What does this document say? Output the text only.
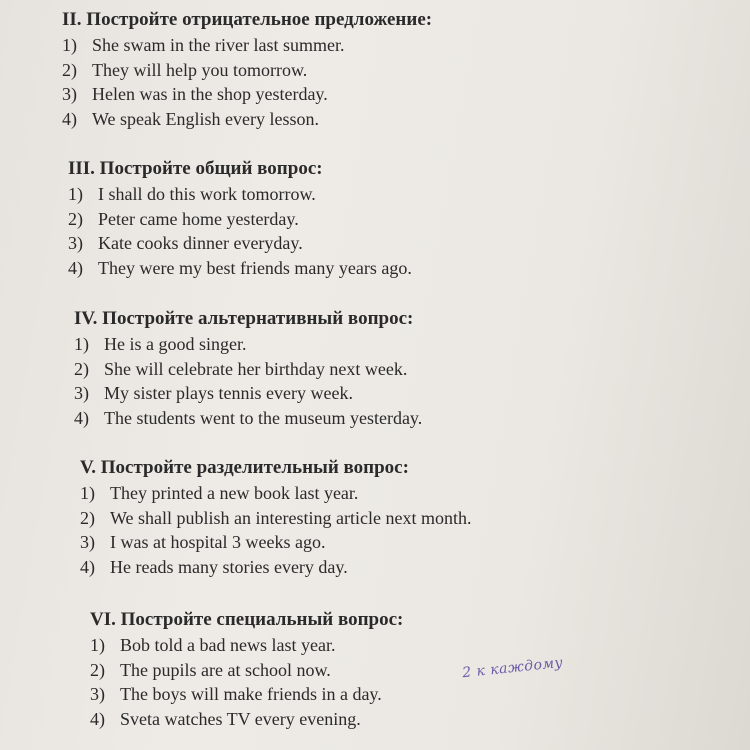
II. Постройте отрицательное предложение:
1) She swam in the river last summer.
2) They will help you tomorrow.
3) Helen was in the shop yesterday.
4) We speak English every lesson.
III. Постройте общий вопрос:
1) I shall do this work tomorrow.
2) Peter came home yesterday.
3) Kate cooks dinner everyday.
4) They were my best friends many years ago.
IV. Постройте альтернативный вопрос:
1) He is a good singer.
2) She will celebrate her birthday next week.
3) My sister plays tennis every week.
4) The students went to the museum yesterday.
V. Постройте разделительный вопрос:
1) They printed a new book last year.
2) We shall publish an interesting article next month.
3) I was at hospital 3 weeks ago.
4) He reads many stories every day.
VI. Постройте специальный вопрос:
1) Bob told a bad news last year.
2) The pupils are at school now.
3) The boys will make friends in a day.
4) Sveta watches TV every evening.
2 к каждому
